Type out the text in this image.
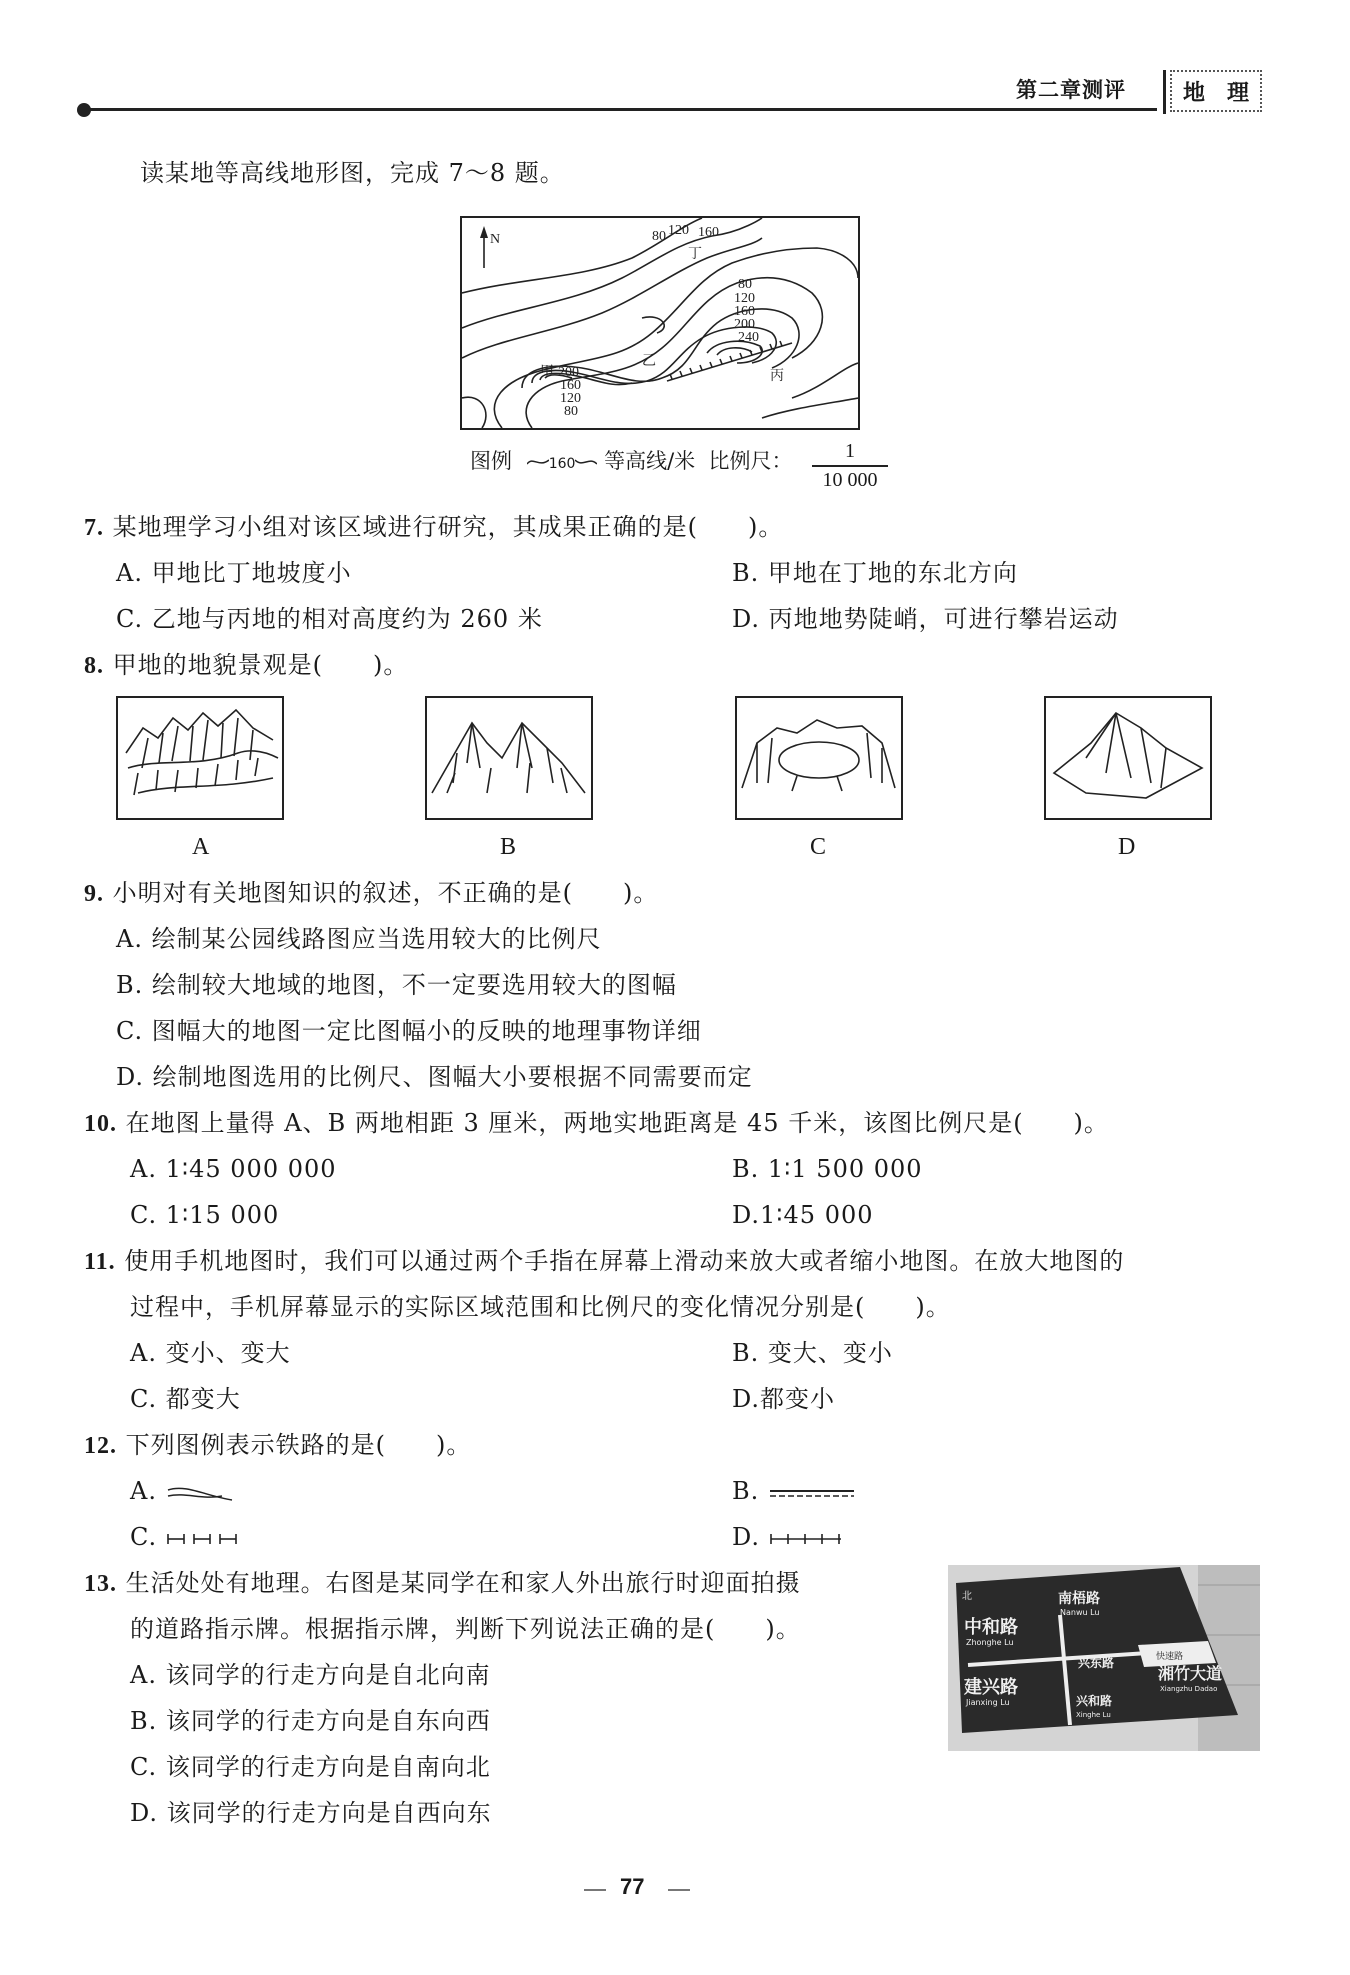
第二章测评	地 理
读某地等高线地形图，完成 7～8 题。
N	80 120 160
丁
80
120
160
200
240
乙
丙
甲 200
160
120
80
图例	160 等高线/米 比例尺：	1
10 000
7. 某地理学习小组对该区域进行研究，其成果正确的是(　　)。
A. 甲地比丁地坡度小	B. 甲地在丁地的东北方向
C. 乙地与丙地的相对高度约为 260 米	D. 丙地地势陡峭，可进行攀岩运动
8. 甲地的地貌景观是(　　)。
A	B	C	D
9. 小明对有关地图知识的叙述，不正确的是(　　)。
A. 绘制某公园线路图应当选用较大的比例尺
B. 绘制较大地域的地图，不一定要选用较大的图幅
C. 图幅大的地图一定比图幅小的反映的地理事物详细
D. 绘制地图选用的比例尺、图幅大小要根据不同需要而定
10. 在地图上量得 A、B 两地相距 3 厘米，两地实地距离是 45 千米，该图比例尺是(　　)。
A. 1∶45 000 000	B. 1∶1 500 000
C. 1∶15 000	D.1∶45 000
11. 使用手机地图时，我们可以通过两个手指在屏幕上滑动来放大或者缩小地图。在放大地图的
过程中，手机屏幕显示的实际区域范围和比例尺的变化情况分别是(　　)。
A. 变小、变大	B. 变大、变小
C. 都变大	D.都变小
12. 下列图例表示铁路的是(　　)。
A.	B.
C.	D.
13. 生活处处有地理。右图是某同学在和家人外出旅行时迎面拍摄
的道路指示牌。根据指示牌，判断下列说法正确的是(　　)。
A. 该同学的行走方向是自北向南
B. 该同学的行走方向是自东向西
C. 该同学的行走方向是自南向北
D. 该同学的行走方向是自西向东
北	南梧路
Nanwu Lu
中和路
Zhonghe Lu
建兴路
Jianxing Lu
兴东路
兴和路
Xinghe Lu
湘竹大道
Xiangzhu Dadao
快速路
77
